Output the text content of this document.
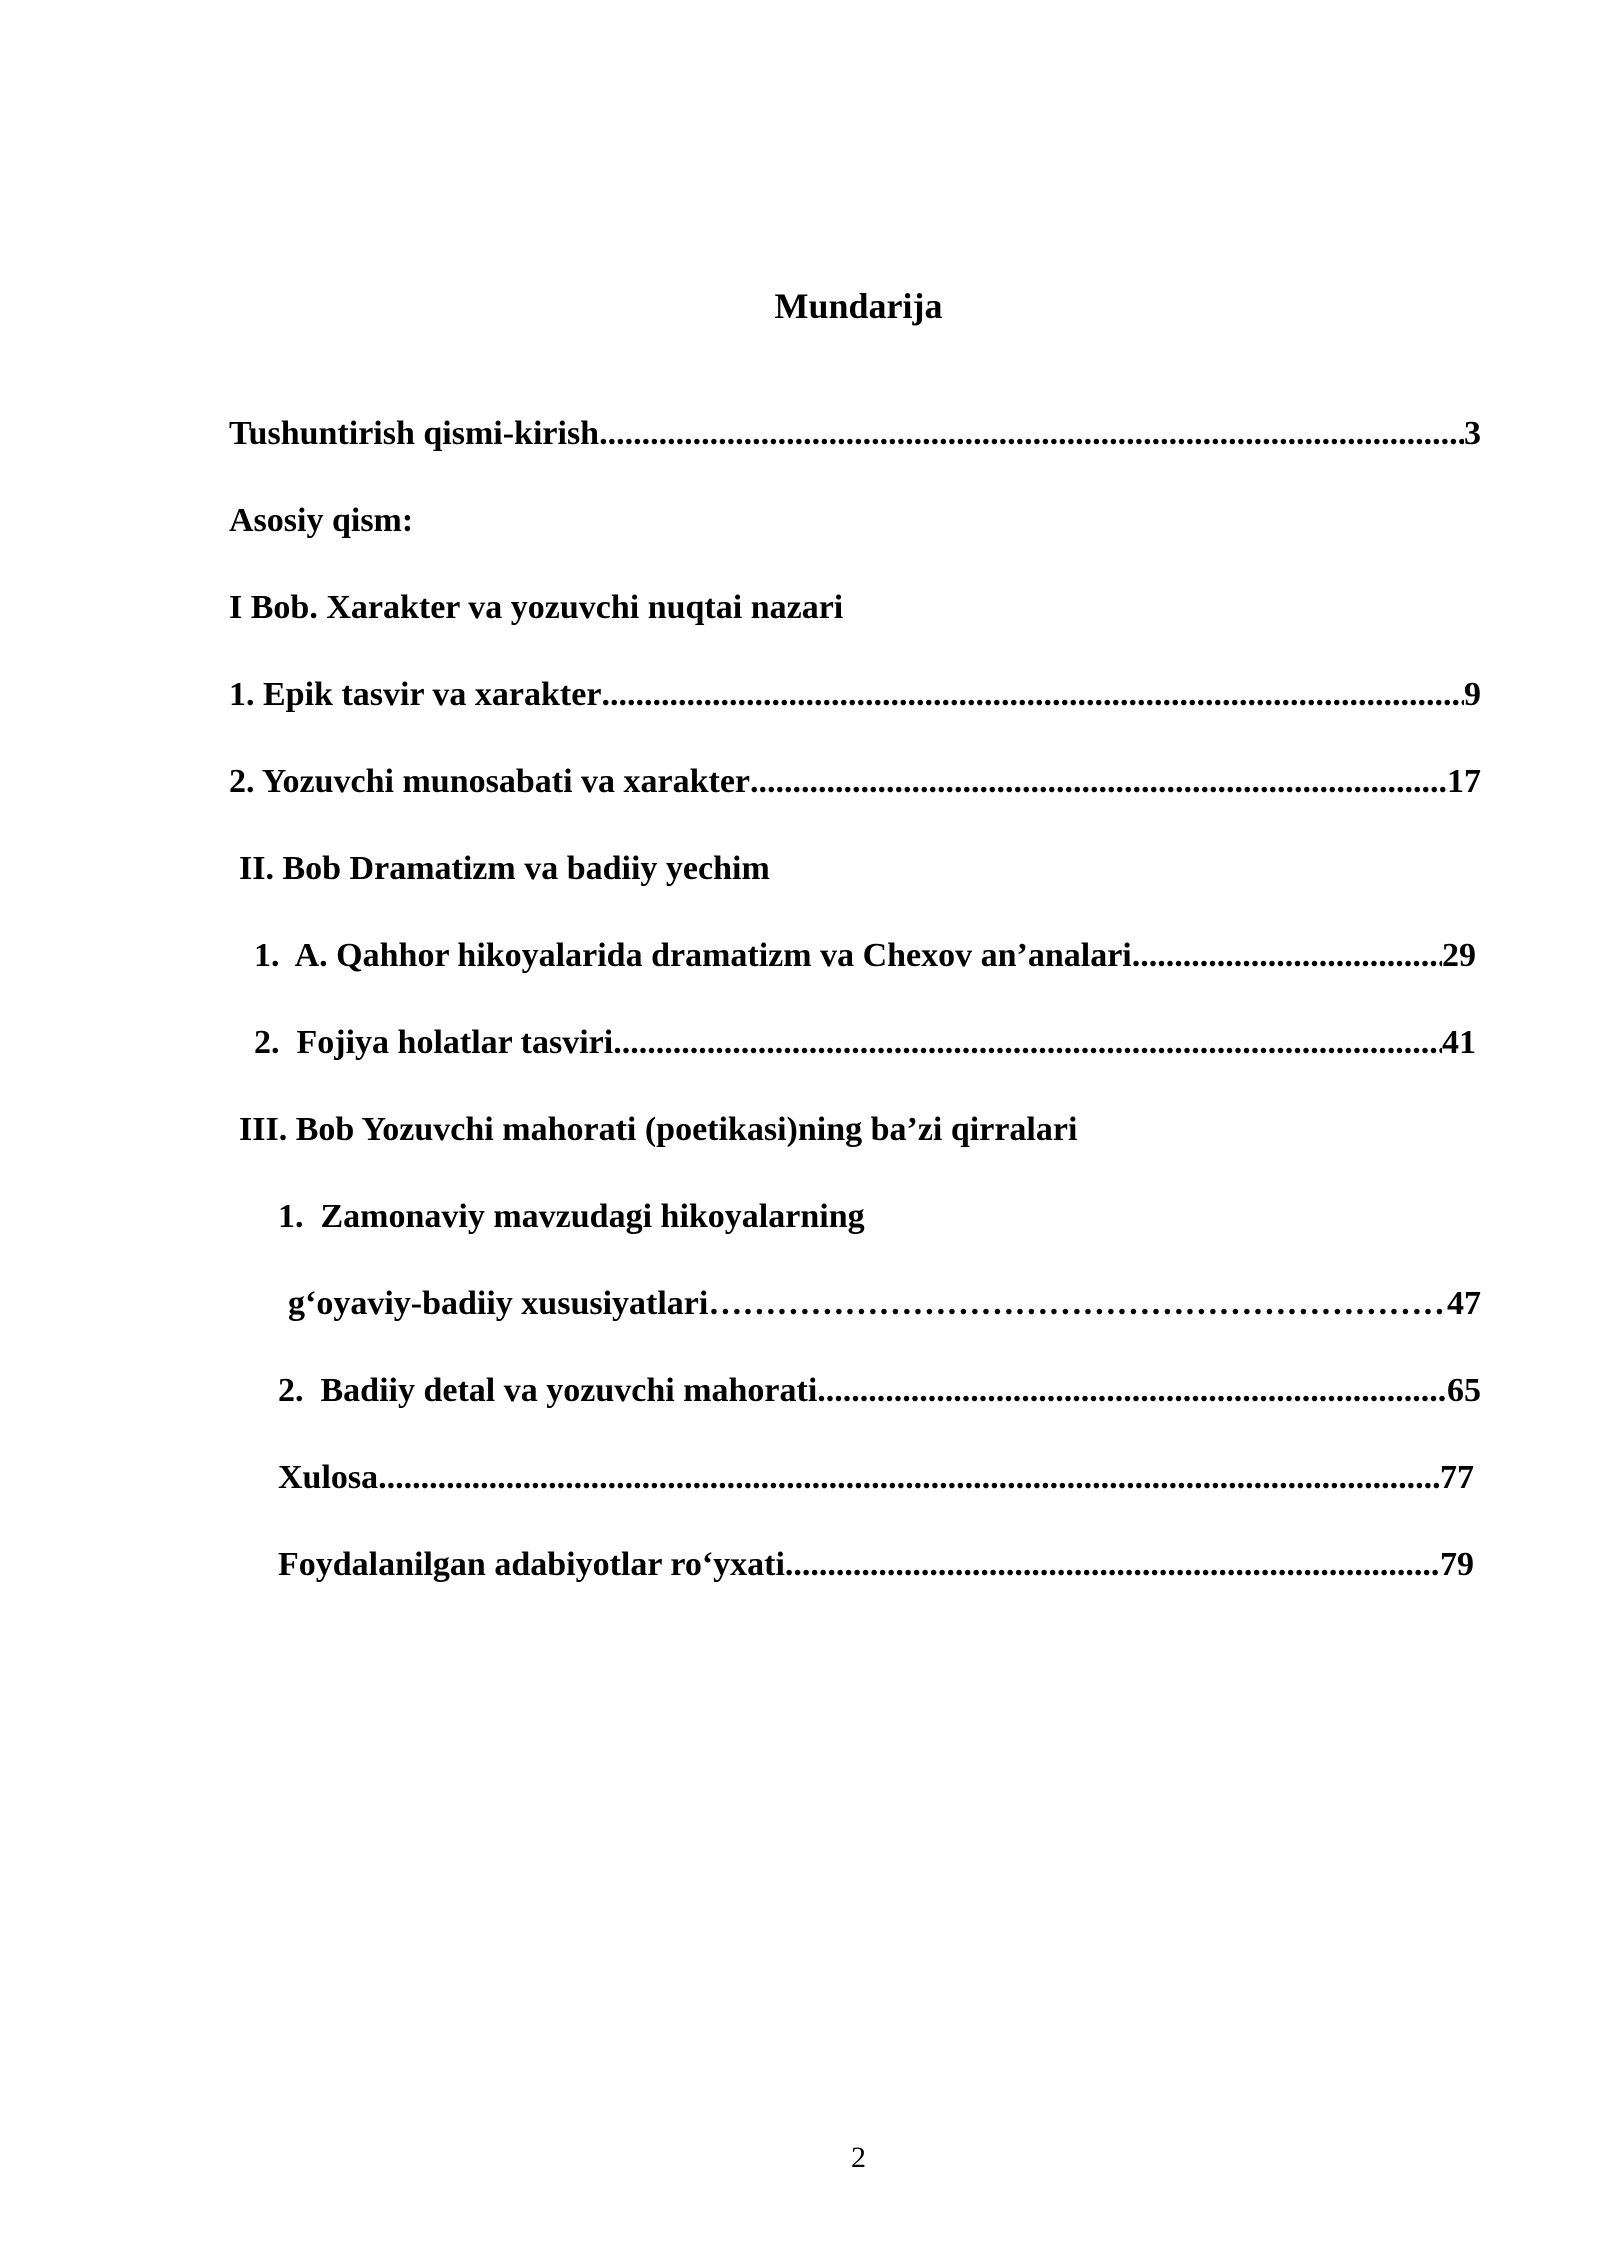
Mundarija
Tushuntirish qismi-kirish .....	3
Asosiy qism:
I Bob. Xarakter va yozuvchi nuqtai nazari
1. Epik tasvir va xarakter .....	9
2. Yozuvchi munosabati va xarakter .....	17
II. Bob Dramatizm va badiiy yechim
1.  A. Qahhor hikoyalarida dramatizm va Chexov an’analari .....	29
2.  Fojiya holatlar tasviri .....	41
III. Bob Yozuvchi mahorati (poetikasi)ning ba’zi qirralari
1.  Zamonaviy mavzudagi hikoyalarning
g‘oyaviy-badiiy xususiyatlari ……………………………………………………………………………………………………………………………………………………	47
2.  Badiiy detal va yozuvchi mahorati .....	65
Xulosa .....	77
Foydalanilgan adabiyotlar ro‘yxati .....	79
2
